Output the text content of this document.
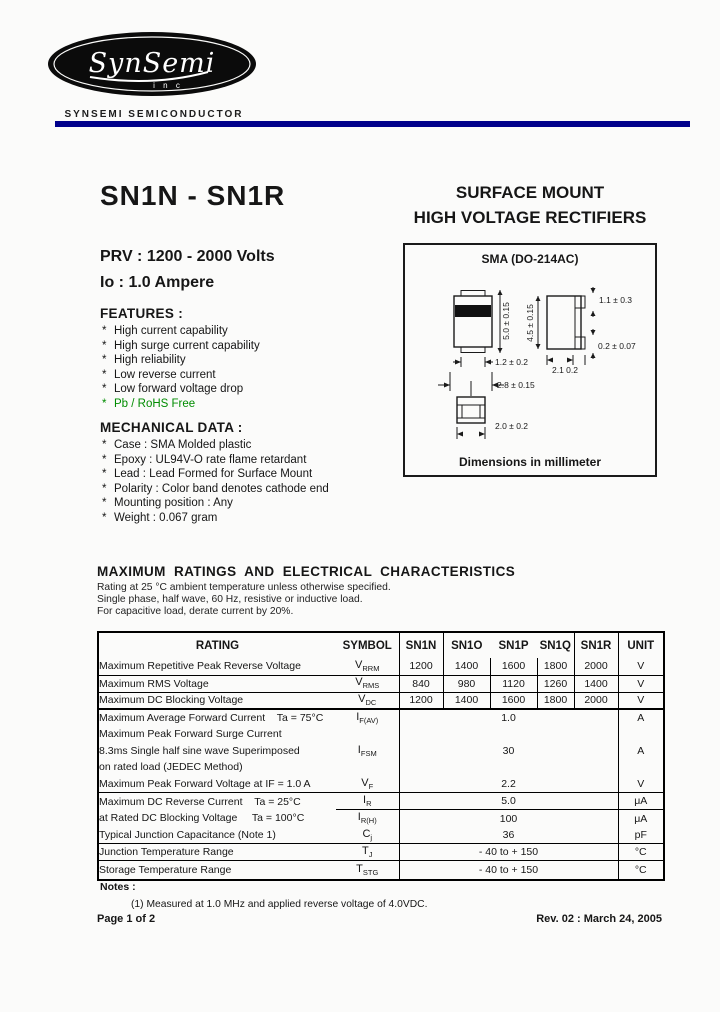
SynSemi
i n c
SYNSEMI SEMICONDUCTOR
SN1N - SN1R	SURFACE MOUNT
HIGH VOLTAGE RECTIFIERS
PRV : 1200 - 2000 Volts
Io : 1.0 Ampere
FEATURES :
* High current capability
* High surge current capability
* High reliability
* Low reverse current
* Low forward voltage drop
* Pb / RoHS Free
MECHANICAL DATA :
* Case : SMA Molded plastic
* Epoxy : UL94V-O rate flame retardant
* Lead : Lead Formed for Surface Mount
* Polarity : Color band denotes cathode end
* Mounting position : Any
* Weight : 0.067 gram
SMA (DO-214AC)
5.0 ± 0.15
1.2 ± 0.2
2.8 ± 0.15
4.5 ± 0.15
1.1 ± 0.3
0.2 ± 0.07
2.1 0.2
2.0 ± 0.2
Dimensions in millimeter
MAXIMUM RATINGS AND ELECTRICAL CHARACTERISTICS
Rating at 25 °C ambient temperature unless otherwise specified.
Single phase, half wave, 60 Hz, resistive or inductive load.
For capacitive load, derate current by 20%.
RATING	SYMBOL	SN1N	SN1O	SN1P	SN1Q	SN1R	UNIT
Maximum Repetitive Peak Reverse Voltage	$V_{RRM}$	1200	1400	1600	1800	2000	V
Maximum RMS Voltage	$V_{RMS}$	840	980	1120	1260	1400	V
Maximum DC Blocking Voltage	$V_{DC}$	1200	1400	1600	1800	2000	V
Maximum Average Forward Current    Ta = 75°C	$I_{F(AV)}$	1.0					A

Maximum Peak Forward Surge Current
8.3ms Single half sine wave Superimposed
on rated load (JEDEC Method)	$I_{FSM}$	30					A
Maximum Peak Forward Voltage at IF = 1.0 A	$V_F$	2.2					V
Maximum DC Reverse Current    Ta = 25°C	$I_R$	5.0					μA
at Rated DC Blocking Voltage     Ta = 100°C	$I_{R(H)}$	100					μA
Typical Junction Capacitance (Note 1)	$C_j$	36					pF
Junction Temperature Range	$T_J$	- 40 to + 150					°C
Storage Temperature Range	$T_{STG}$	- 40 to + 150					°C
Notes :
(1) Measured at 1.0 MHz and applied reverse voltage of 4.0VDC.
Page 1 of 2	Rev. 02 : March 24, 2005
